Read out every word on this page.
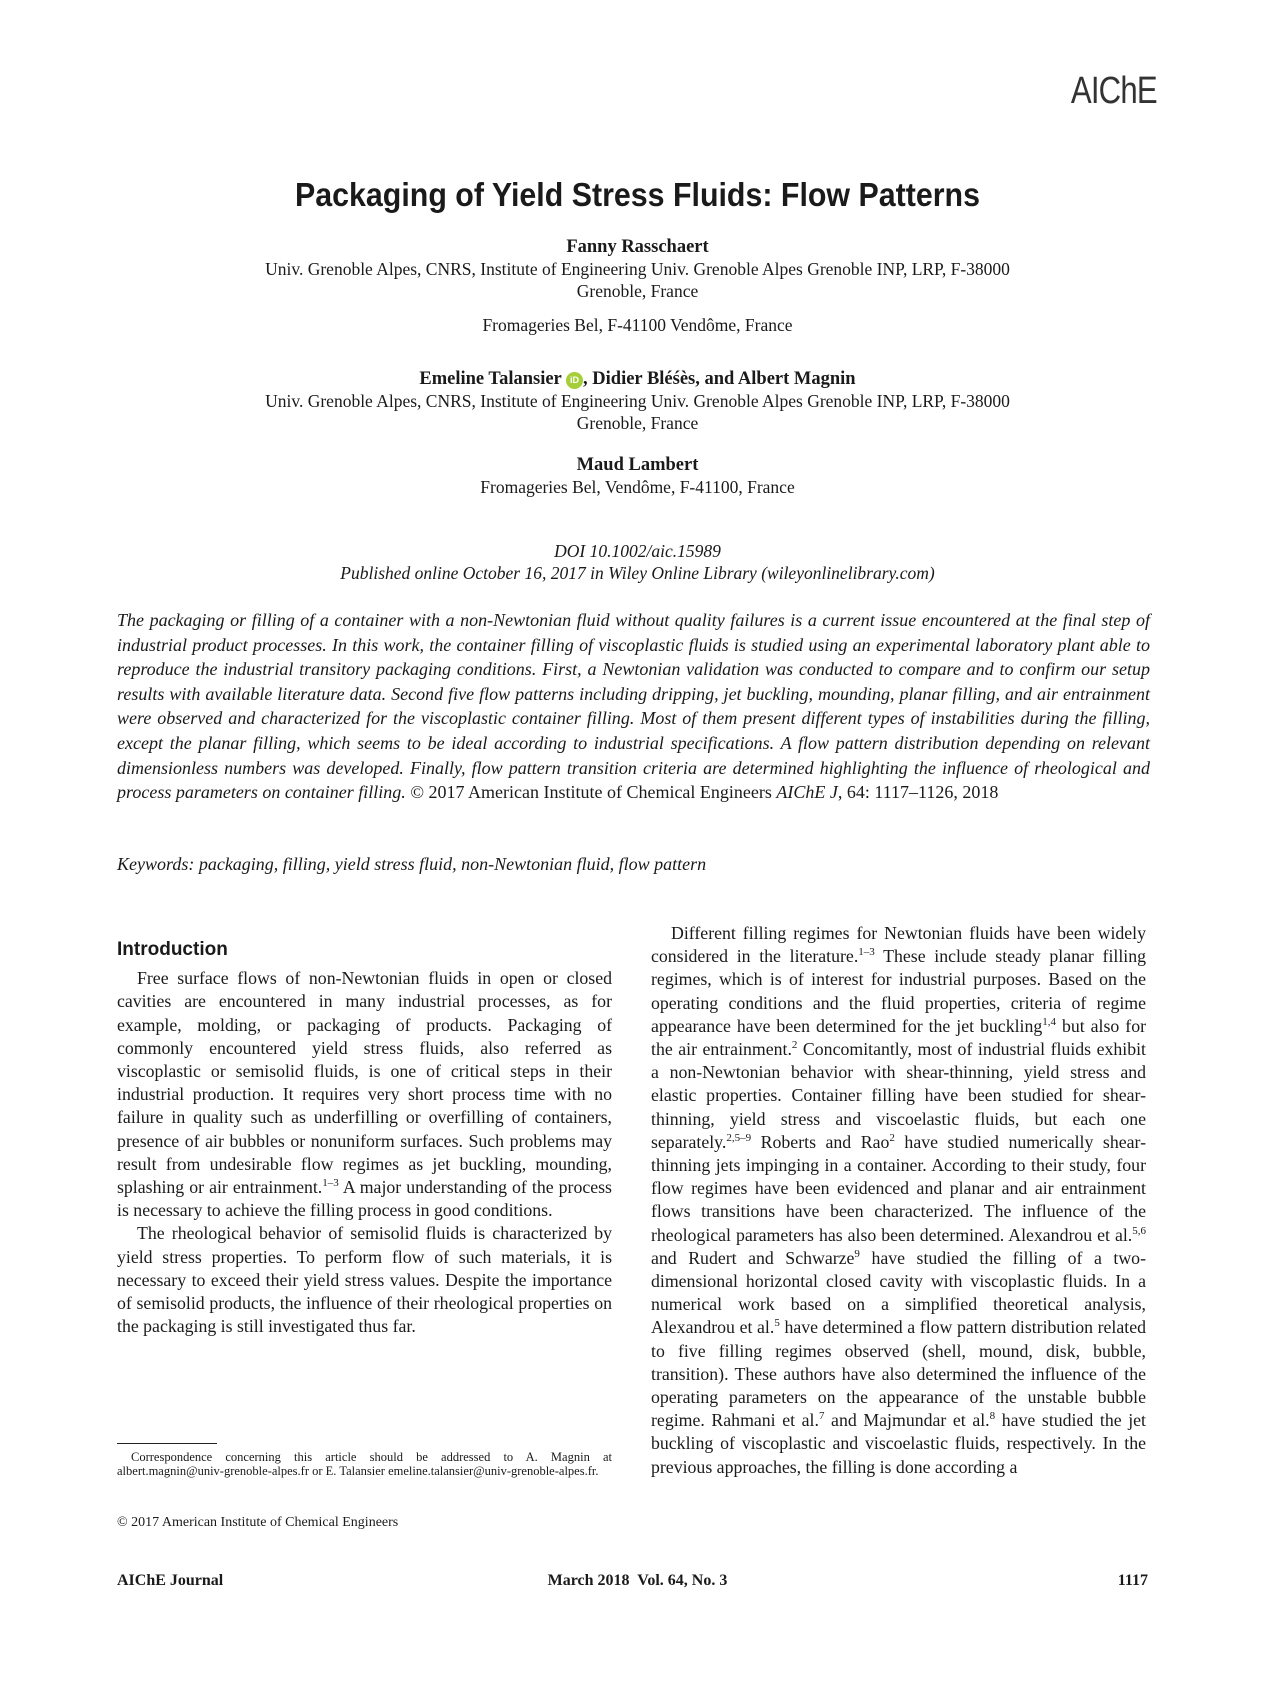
AIChE
Packaging of Yield Stress Fluids: Flow Patterns
Fanny Rasschaert
Univ. Grenoble Alpes, CNRS, Institute of Engineering Univ. Grenoble Alpes Grenoble INP, LRP, F-38000
Grenoble, France
Fromageries Bel, F-41100 Vendôme, France
Emeline Talansier iD , Didier Bléśès, and Albert Magnin
Univ. Grenoble Alpes, CNRS, Institute of Engineering Univ. Grenoble Alpes Grenoble INP, LRP, F-38000
Grenoble, France
Maud Lambert
Fromageries Bel, Vendôme, F-41100, France
DOI 10.1002/aic.15989
Published online October 16, 2017 in Wiley Online Library (wileyonlinelibrary.com)
The packaging or filling of a container with a non-Newtonian fluid without quality failures is a current issue encountered at the final step of industrial product processes. In this work, the container filling of viscoplastic fluids is studied using an experimental laboratory plant able to reproduce the industrial transitory packaging conditions. First, a Newtonian validation was conducted to compare and to confirm our setup results with available literature data. Second five flow patterns including dripping, jet buckling, mounding, planar filling, and air entrainment were observed and characterized for the viscoplastic container filling. Most of them present different types of instabilities during the filling, except the planar filling, which seems to be ideal according to industrial specifications. A flow pattern distribution depending on relevant dimensionless numbers was developed. Finally, flow pattern transition criteria are determined highlighting the influence of rheological and process parameters on container filling. © 2017 American Institute of Chemical Engineers AIChE J, 64: 1117–1126, 2018
Keywords: packaging, filling, yield stress fluid, non-Newtonian fluid, flow pattern
Introduction

Free surface flows of non-Newtonian fluids in open or closed cavities are encountered in many industrial processes, as for example, molding, or packaging of products. Packaging of commonly encountered yield stress fluids, also referred as viscoplastic or semisolid fluids, is one of critical steps in their industrial production. It requires very short process time with no failure in quality such as underfilling or overfilling of containers, presence of air bubbles or nonuniform surfaces. Such problems may result from undesirable flow regimes as jet buckling, mounding, splashing or air entrainment.$^{1-3}$ A major understanding of the process is necessary to achieve the filling process in good conditions.

The rheological behavior of semisolid fluids is characterized by yield stress properties. To perform flow of such materials, it is necessary to exceed their yield stress values. Despite the importance of semisolid products, the influence of their rheological properties on the packaging is still investigated thus far.

Different filling regimes for Newtonian fluids have been widely considered in the literature.$^{1-3}$ These include steady planar filling regimes, which is of interest for industrial purposes. Based on the operating conditions and the fluid properties, criteria of regime appearance have been determined for the jet buckling$^{1,4}$ but also for the air entrainment.$^2$ Concomitantly, most of industrial fluids exhibit a non-Newtonian behavior with shear-thinning, yield stress and elastic properties. Container filling have been studied for shear-thinning, yield stress and viscoelastic fluids, but each one separately.$^{2,5-9}$ Roberts and Rao$^2$ have studied numerically shear-thinning jets impinging in a container. According to their study, four flow regimes have been evidenced and planar and air entrainment flows transitions have been characterized. The influence of the rheological parameters has also been determined. Alexandrou et al.$^{5,6}$ and Rudert and Schwarze$^9$ have studied the filling of a two-dimensional horizontal closed cavity with viscoplastic fluids. In a numerical work based on a simplified theoretical analysis, Alexandrou et al.$^5$ have determined a flow pattern distribution related to five filling regimes observed (shell, mound, disk, bubble, transition). These authors have also determined the influence of the operating parameters on the appearance of the unstable bubble regime. Rahmani et al.$^7$ and Majmundar et al.$^8$ have studied the jet buckling of viscoplastic and viscoelastic fluids, respectively. In the previous approaches, the filling is done according a

Correspondence concerning this article should be addressed to A. Magnin at albert.magnin@univ-grenoble-alpes.fr or E. Talansier emeline.talansier@univ-grenoble-alpes.fr.
© 2017 American Institute of Chemical Engineers
AIChE Journal	March 2018  Vol. 64, No. 3	1117
